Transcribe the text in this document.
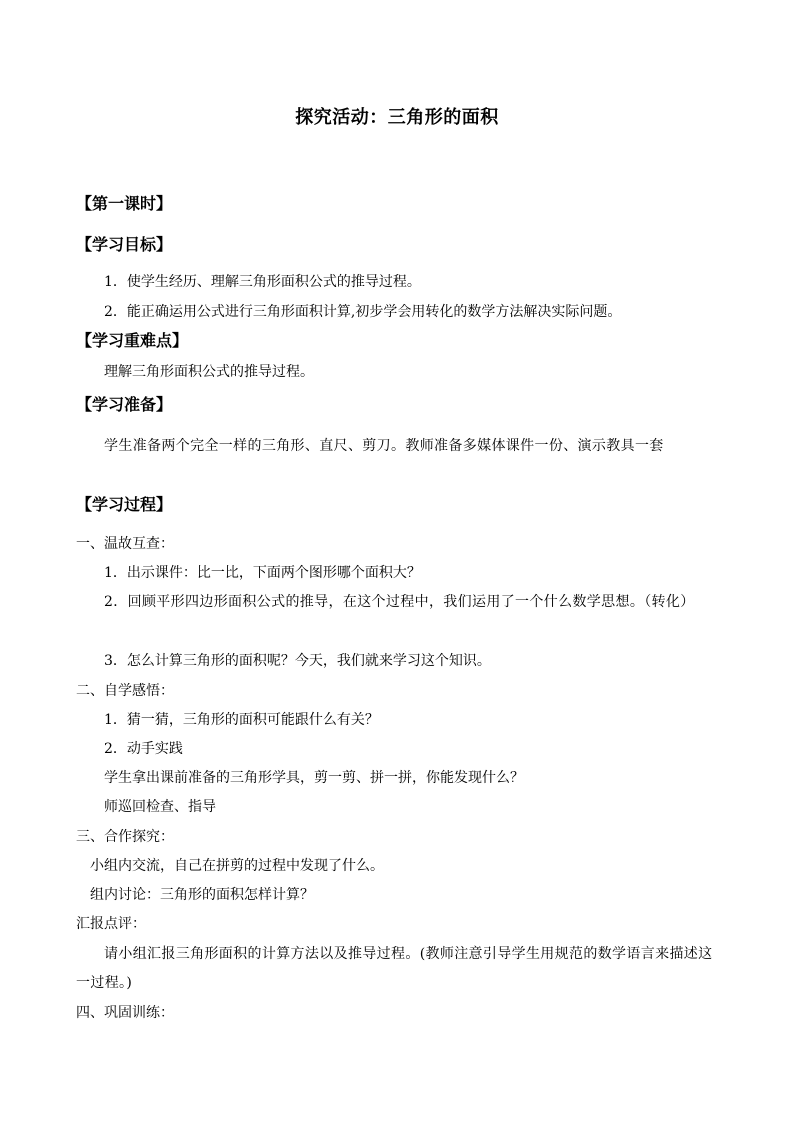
探究活动：三角形的面积
【第一课时】
【学习目标】
1．使学生经历、理解三角形面积公式的推导过程。
2．能正确运用公式进行三角形面积计算,初步学会用转化的数学方法解决实际问题。
【学习重难点】
理解三角形面积公式的推导过程。
【学习准备】
学生准备两个完全一样的三角形、直尺、剪刀。教师准备多媒体课件一份、演示教具一套
【学习过程】
一、温故互查：
1．出示课件：比一比，下面两个图形哪个面积大？
2．回顾平形四边形面积公式的推导，在这个过程中，我们运用了一个什么数学思想。（转化）
3．怎么计算三角形的面积呢？今天，我们就来学习这个知识。
二、自学感悟：
1．猜一猜，三角形的面积可能跟什么有关？
2．动手实践
学生拿出课前准备的三角形学具，剪一剪、拼一拼，你能发现什么？
师巡回检查、指导
三、合作探究：
小组内交流，自己在拼剪的过程中发现了什么。
组内讨论：三角形的面积怎样计算？
汇报点评：
请小组汇报三角形面积的计算方法以及推导过程。(教师注意引导学生用规范的数学语言来描述这一过程。)
四、巩固训练：
